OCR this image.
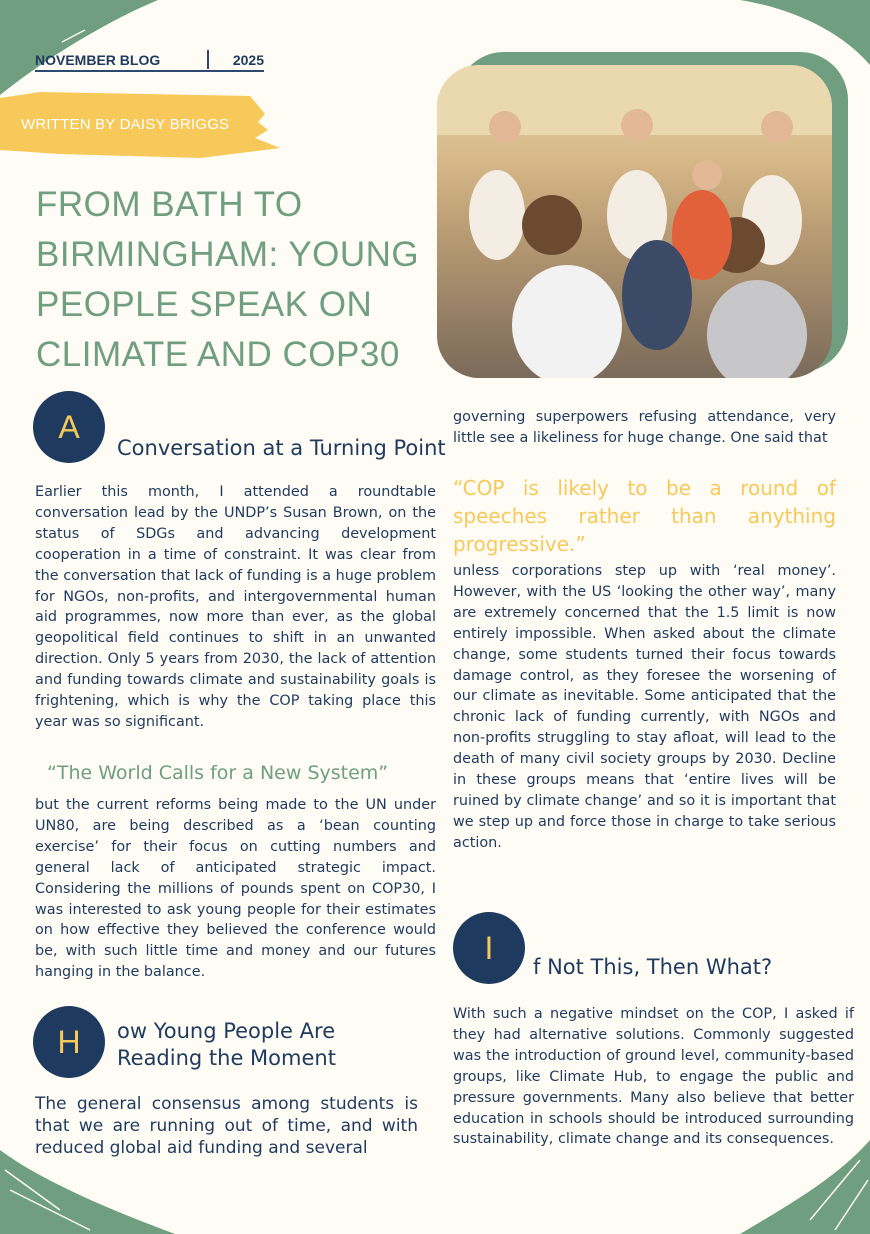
NOVEMBER BLOG	2025
WRITTEN BY DAISY BRIGGS
FROM BATH TO BIRMINGHAM: YOUNG PEOPLE SPEAK ON CLIMATE AND COP30
A
Conversation at a Turning Point

Earlier this month, I attended a roundtable conversation lead by the UNDP’s Susan Brown, on the status of SDGs and advancing development cooperation in a time of constraint. It was clear from the conversation that lack of funding is a huge problem for NGOs, non-profits, and intergovernmental human aid programmes, now more than ever, as the global geopolitical field continues to shift in an unwanted direction. Only 5 years from 2030, the lack of attention and funding towards climate and sustainability goals is frightening, which is why the COP taking place this year was so significant.

“The World Calls for a New System”

but the current reforms being made to the UN under UN80, are being described as a ‘bean counting exercise’ for their focus on cutting numbers and general lack of anticipated strategic impact. Considering the millions of pounds spent on COP30, I was interested to ask young people for their estimates on how effective they believed the conference would be, with such little time and money and our futures hanging in the balance.

H	ow Young People Are Reading the Moment

The general consensus among students is that we are running out of time, and with reduced global aid funding and several

governing superpowers refusing attendance, very little see a likeliness for huge change. One said that

“COP is likely to be a round of speeches rather than anything progressive.”

unless corporations step up with ‘real money’. However, with the US ‘looking the other way’, many are extremely concerned that the 1.5 limit is now entirely impossible. When asked about the climate change, some students turned their focus towards damage control, as they foresee the worsening of our climate as inevitable. Some anticipated that the chronic lack of funding currently, with NGOs and non-profits struggling to stay afloat, will lead to the death of many civil society groups by 2030. Decline in these groups means that ‘entire lives will be ruined by climate change’ and so it is important that we step up and force those in charge to take serious action.

I
f Not This, Then What?

With such a negative mindset on the COP, I asked if they had alternative solutions. Commonly suggested was the introduction of ground level, community-based groups, like Climate Hub, to engage the public and pressure governments. Many also believe that better education in schools should be introduced surrounding sustainability, climate change and its consequences.
